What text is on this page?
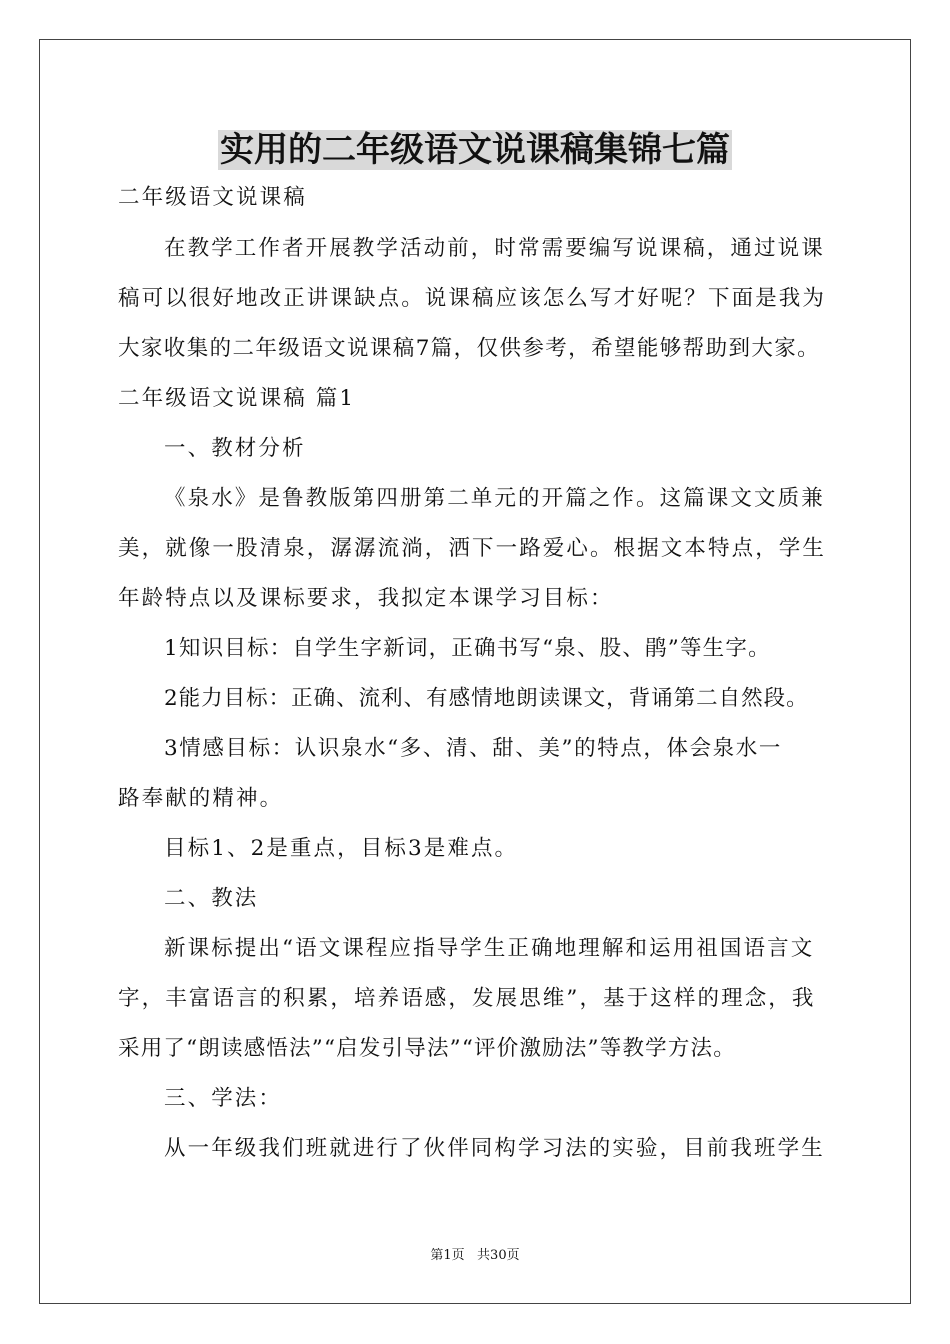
实用的二年级语文说课稿集锦七篇
二年级语文说课稿
在教学工作者开展教学活动前，时常需要编写说课稿，通过说课
稿可以很好地改正讲课缺点。说课稿应该怎么写才好呢？下面是我为
大家收集的二年级语文说课稿7篇，仅供参考，希望能够帮助到大家。
二年级语文说课稿 篇1
一、教材分析
《泉水》是鲁教版第四册第二单元的开篇之作。这篇课文文质兼
美，就像一股清泉，潺潺流淌，洒下一路爱心。根据文本特点，学生
年龄特点以及课标要求，我拟定本课学习目标：
1知识目标：自学生字新词，正确书写“泉、股、鹃”等生字。
2能力目标：正确、流利、有感情地朗读课文，背诵第二自然段。
3情感目标：认识泉水“多、清、甜、美”的特点，体会泉水一
路奉献的精神。
目标1、2是重点，目标3是难点。
二、教法
新课标提出“语文课程应指导学生正确地理解和运用祖国语言文
字，丰富语言的积累，培养语感，发展思维”，基于这样的理念，我
采用了“朗读感悟法”“启发引导法”“评价激励法”等教学方法。
三、学法：
从一年级我们班就进行了伙伴同构学习法的实验，目前我班学生
第1页   共30页
